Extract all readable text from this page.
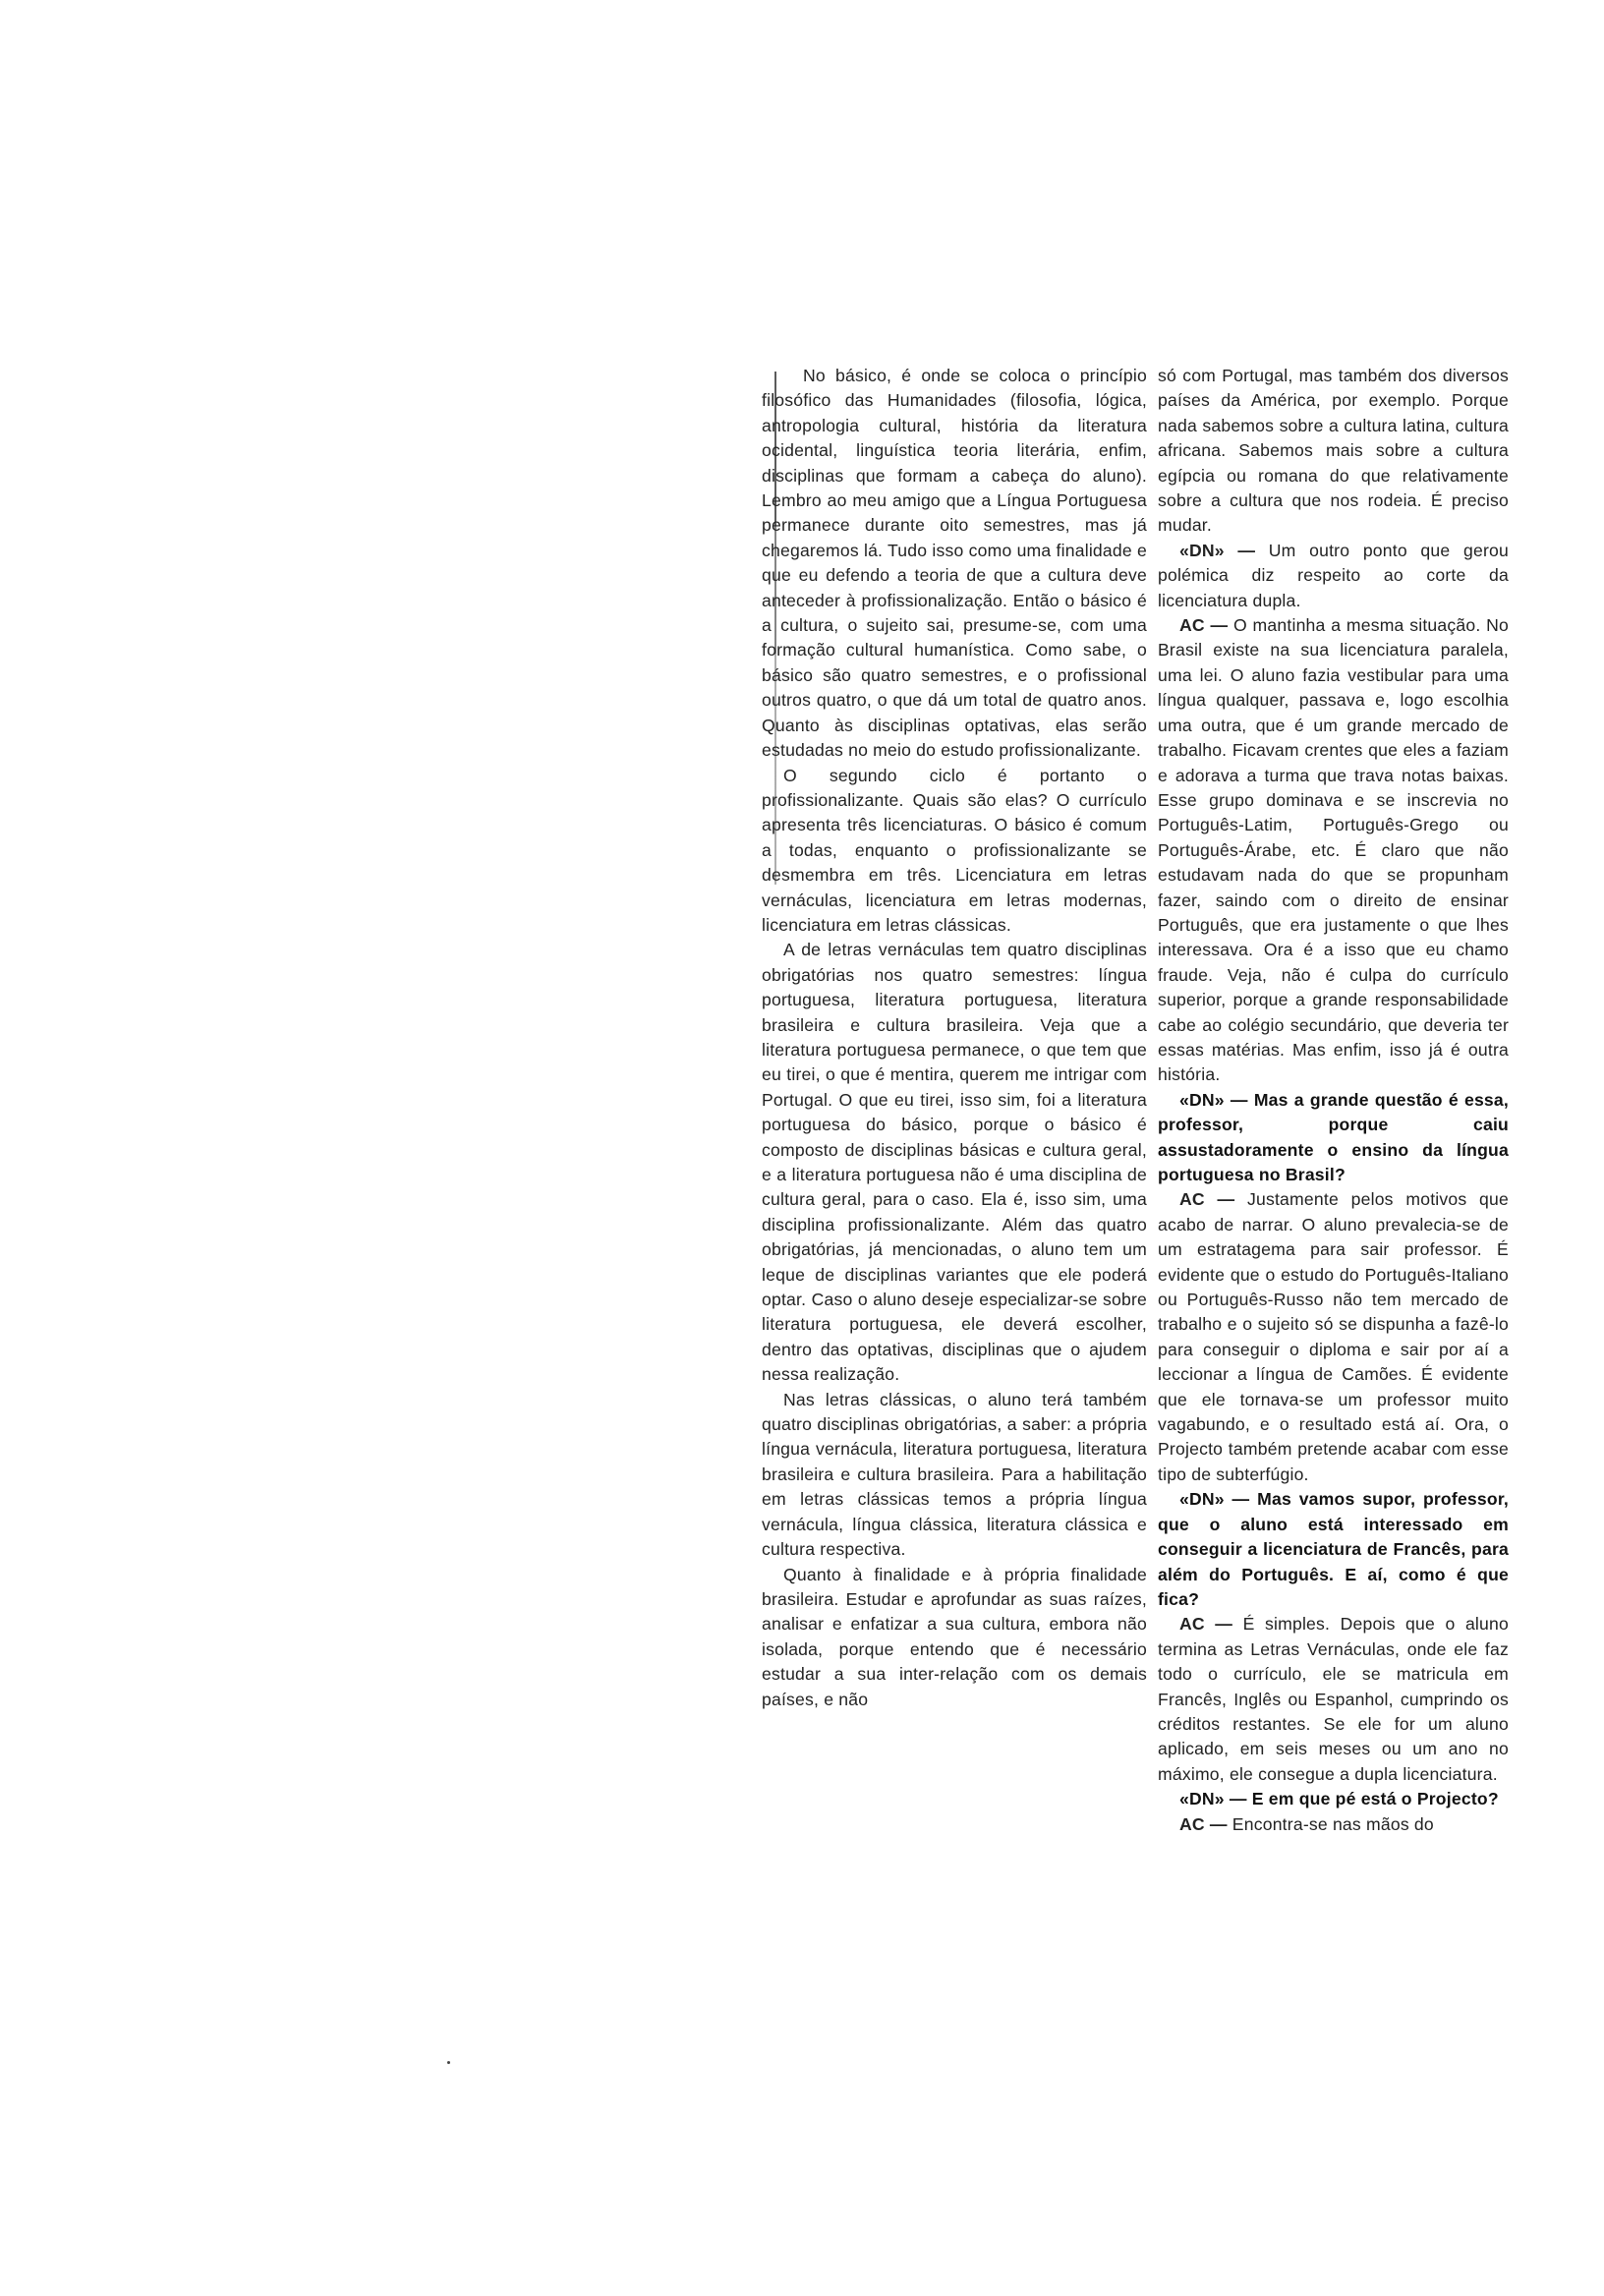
No básico, é onde se coloca o princípio filosófico das Humanidades (filosofia, lógica, antropologia cultural, história da literatura ocidental, linguística teoria literária, enfim, disciplinas que formam a cabeça do aluno). Lembro ao meu amigo que a Língua Portuguesa permanece durante oito semestres, mas já chegaremos lá. Tudo isso como uma finalidade e que eu defendo a teoria de que a cultura deve anteceder à profissionalização. Então o básico é a cultura, o sujeito sai, presume-se, com uma formação cultural humanística. Como sabe, o básico são quatro semestres, e o profissional outros quatro, o que dá um total de quatro anos. Quanto às disciplinas optativas, elas serão estudadas no meio do estudo profissionalizante.

O segundo ciclo é portanto o profissionalizante. Quais são elas? O currículo apresenta três licenciaturas. O básico é comum a todas, enquanto o profissionalizante se desmembra em três. Licenciatura em letras vernáculas, licenciatura em letras modernas, licenciatura em letras clássicas.

A de letras vernáculas tem quatro disciplinas obrigatórias nos quatro semestres: língua portuguesa, literatura portuguesa, literatura brasileira e cultura brasileira. Veja que a literatura portuguesa permanece, o que tem que eu tirei, o que é mentira, querem me intrigar com Portugal. O que eu tirei, isso sim, foi a literatura portuguesa do básico, porque o básico é composto de disciplinas básicas e cultura geral, e a literatura portuguesa não é uma disciplina de cultura geral, para o caso. Ela é, isso sim, uma disciplina profissionalizante. Além das quatro obrigatórias, já mencionadas, o aluno tem um leque de disciplinas variantes que ele poderá optar. Caso o aluno deseje especializar-se sobre literatura portuguesa, ele deverá escolher, dentro das optativas, disciplinas que o ajudem nessa realização.

Nas letras clássicas, o aluno terá também quatro disciplinas obrigatórias, a saber: a própria língua vernácula, literatura portuguesa, literatura brasileira e cultura brasileira. Para a habilitação em letras clássicas temos a própria língua vernácula, língua clássica, literatura clássica e cultura respectiva.

Quanto à finalidade e à própria finalidade brasileira. Estudar e aprofundar as suas raízes, analisar e enfatizar a sua cultura, embora não isolada, porque entendo que é necessário estudar a sua inter-relação com os demais países, e não

só com Portugal, mas também dos diversos países da América, por exemplo. Porque nada sabemos sobre a cultura latina, cultura africana. Sabemos mais sobre a cultura egípcia ou romana do que relativamente sobre a cultura que nos rodeia. É preciso mudar.

«DN» — Um outro ponto que gerou polémica diz respeito ao corte da licenciatura dupla.

AC — O mantinha a mesma situação. No Brasil existe na sua licenciatura paralela, uma lei. O aluno fazia vestibular para uma língua qualquer, passava e, logo escolhia uma outra, que é um grande mercado de trabalho. Ficavam crentes que eles a faziam e adorava a turma que trava notas baixas. Esse grupo dominava e se inscrevia no Português-Latim, Português-Grego ou Português-Árabe, etc. É claro que não estudavam nada do que se propunham fazer, saindo com o direito de ensinar Português, que era justamente o que lhes interessava. Ora é a isso que eu chamo fraude. Veja, não é culpa do currículo superior, porque a grande responsabilidade cabe ao colégio secundário, que deveria ter essas matérias. Mas enfim, isso já é outra história.

«DN» — Mas a grande questão é essa, professor, porque caiu assustadoramente o ensino da língua portuguesa no Brasil?

AC — Justamente pelos motivos que acabo de narrar. O aluno prevalecia-se de um estratagema para sair professor. É evidente que o estudo do Português-Italiano ou Português-Russo não tem mercado de trabalho e o sujeito só se dispunha a fazê-lo para conseguir o diploma e sair por aí a leccionar a língua de Camões. É evidente que ele tornava-se um professor muito vagabundo, e o resultado está aí. Ora, o Projecto também pretende acabar com esse tipo de subterfúgio.

«DN» — Mas vamos supor, professor, que o aluno está interessado em conseguir a licenciatura de Francês, para além do Português. E aí, como é que fica?

AC — É simples. Depois que o aluno termina as Letras Vernáculas, onde ele faz todo o currículo, ele se matricula em Francês, Inglês ou Espanhol, cumprindo os créditos restantes. Se ele for um aluno aplicado, em seis meses ou um ano no máximo, ele consegue a dupla licenciatura.

«DN» — E em que pé está o Projecto?

AC — Encontra-se nas mãos do
